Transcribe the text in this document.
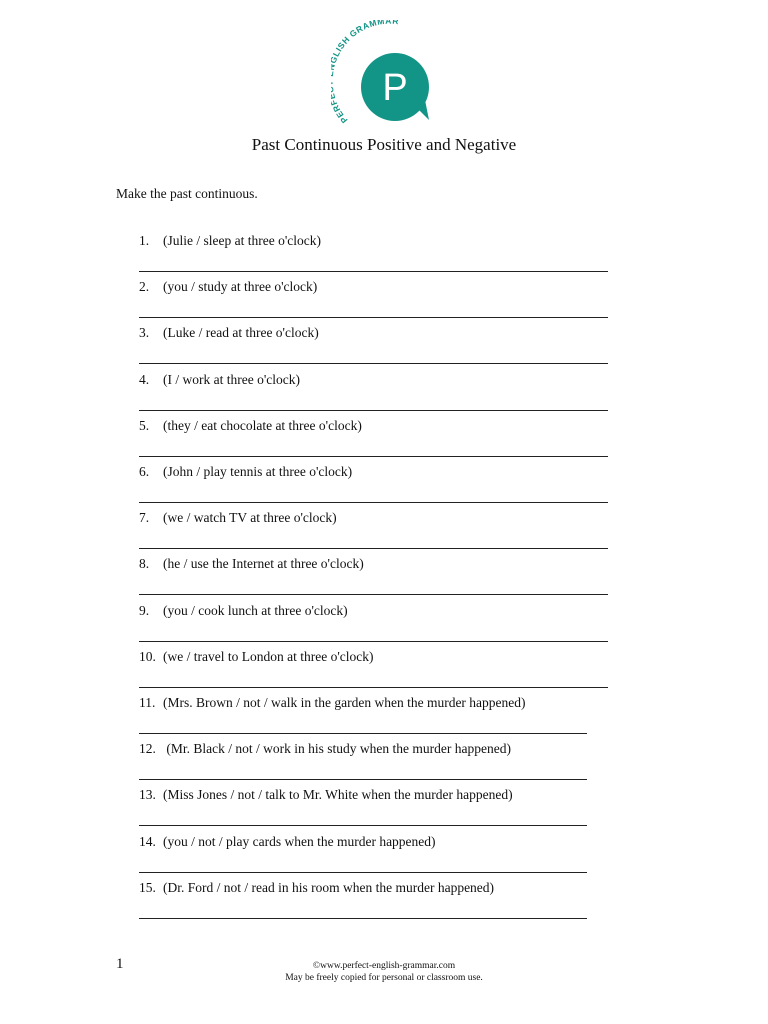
PER LISH GRAMMAR
P
Past Continuous Positive and Negative
Make the past continuous.
1. (Julie / sleep at three o'clock)
2. (you / study at three o'clock)
3. (Luke / read at three o'clock)
4. (I / work at three o'clock)
5. (they / eat chocolate at three o'clock)
6. (John / play tennis at three o'clock)
7. (we / watch TV at three o'clock)
8. (he / use the Internet at three o'clock)
9. (you / cook lunch at three o'clock)
10. (we / travel to London at three o'clock)
11. (Mrs. Brown / not / walk in the garden when the murder happened)
12. (Mr. Black / not / work in his study when the murder happened)
13. (Miss Jones / not / talk to Mr. White when the murder happened)
14. (you / not / play cards when the murder happened)
15. (Dr. Ford / not / read in his room when the murder happened)
1	©www.perfect-english-grammar.com
May be freely copied for personal or classroom use.
